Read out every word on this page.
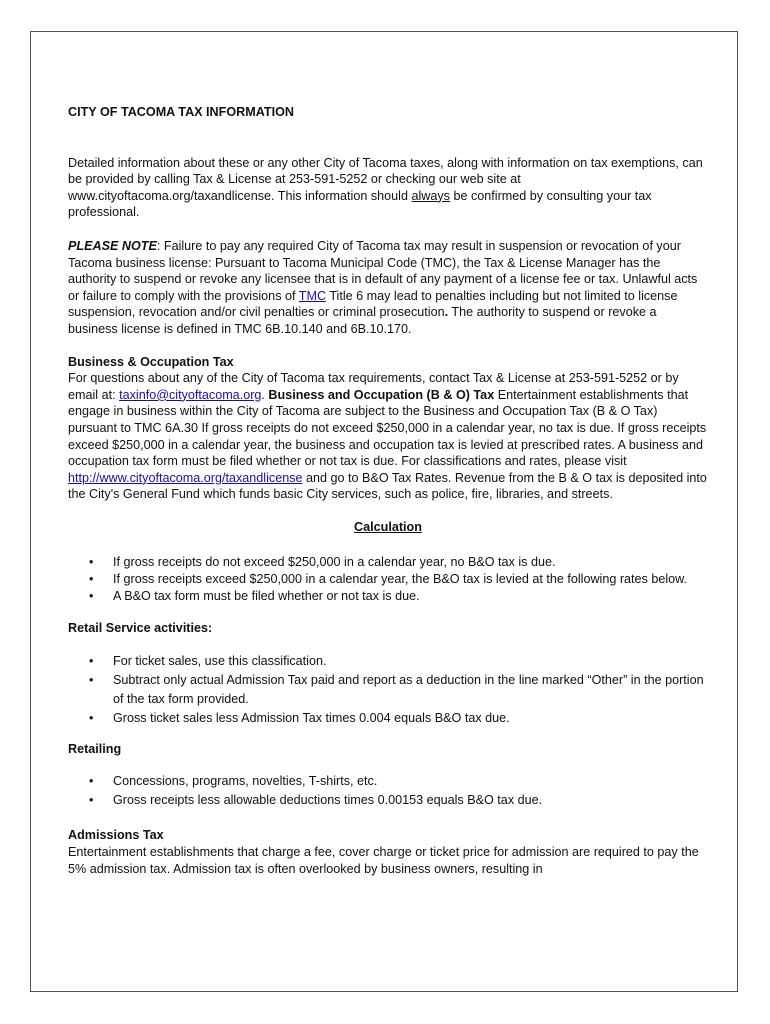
CITY OF TACOMA TAX INFORMATION

Detailed information about these or any other City of Tacoma taxes, along with information on tax exemptions, can be provided by calling Tax & License at 253-591-5252 or checking our web site at www.cityoftacoma.org/taxandlicense. This information should always be confirmed by consulting your tax professional.

PLEASE NOTE: Failure to pay any required City of Tacoma tax may result in suspension or revocation of your Tacoma business license: Pursuant to Tacoma Municipal Code (TMC), the Tax & License Manager has the authority to suspend or revoke any licensee that is in default of any payment of a license fee or tax. Unlawful acts or failure to comply with the provisions of TMC Title 6 may lead to penalties including but not limited to license suspension, revocation and/or civil penalties or criminal prosecution. The authority to suspend or revoke a business license is defined in TMC 6B.10.140 and 6B.10.170.

Business & Occupation Tax

For questions about any of the City of Tacoma tax requirements, contact Tax & License at 253-591-5252 or by email at: taxinfo@cityoftacoma.org. Business and Occupation (B & O) Tax Entertainment establishments that engage in business within the City of Tacoma are subject to the Business and Occupation Tax (B & O Tax) pursuant to TMC 6A.30 If gross receipts do not exceed $250,000 in a calendar year, no tax is due. If gross receipts exceed $250,000 in a calendar year, the business and occupation tax is levied at prescribed rates. A business and occupation tax form must be filed whether or not tax is due. For classifications and rates, please visit http://www.cityoftacoma.org/taxandlicense and go to B&O Tax Rates. Revenue from the B & O tax is deposited into the City's General Fund which funds basic City services, such as police, fire, libraries, and streets.

Calculation

• If gross receipts do not exceed $250,000 in a calendar year, no B&O tax is due.
• If gross receipts exceed $250,000 in a calendar year, the B&O tax is levied at the following rates below.
• A B&O tax form must be filed whether or not tax is due.

Retail Service activities:

• For ticket sales, use this classification.
• Subtract only actual Admission Tax paid and report as a deduction in the line marked “Other” in the portion of the tax form provided.
• Gross ticket sales less Admission Tax times 0.004 equals B&O tax due.

Retailing

• Concessions, programs, novelties, T-shirts, etc.
• Gross receipts less allowable deductions times 0.00153 equals B&O tax due.

Admissions Tax

Entertainment establishments that charge a fee, cover charge or ticket price for admission are required to pay the 5% admission tax. Admission tax is often overlooked by business owners, resulting in
